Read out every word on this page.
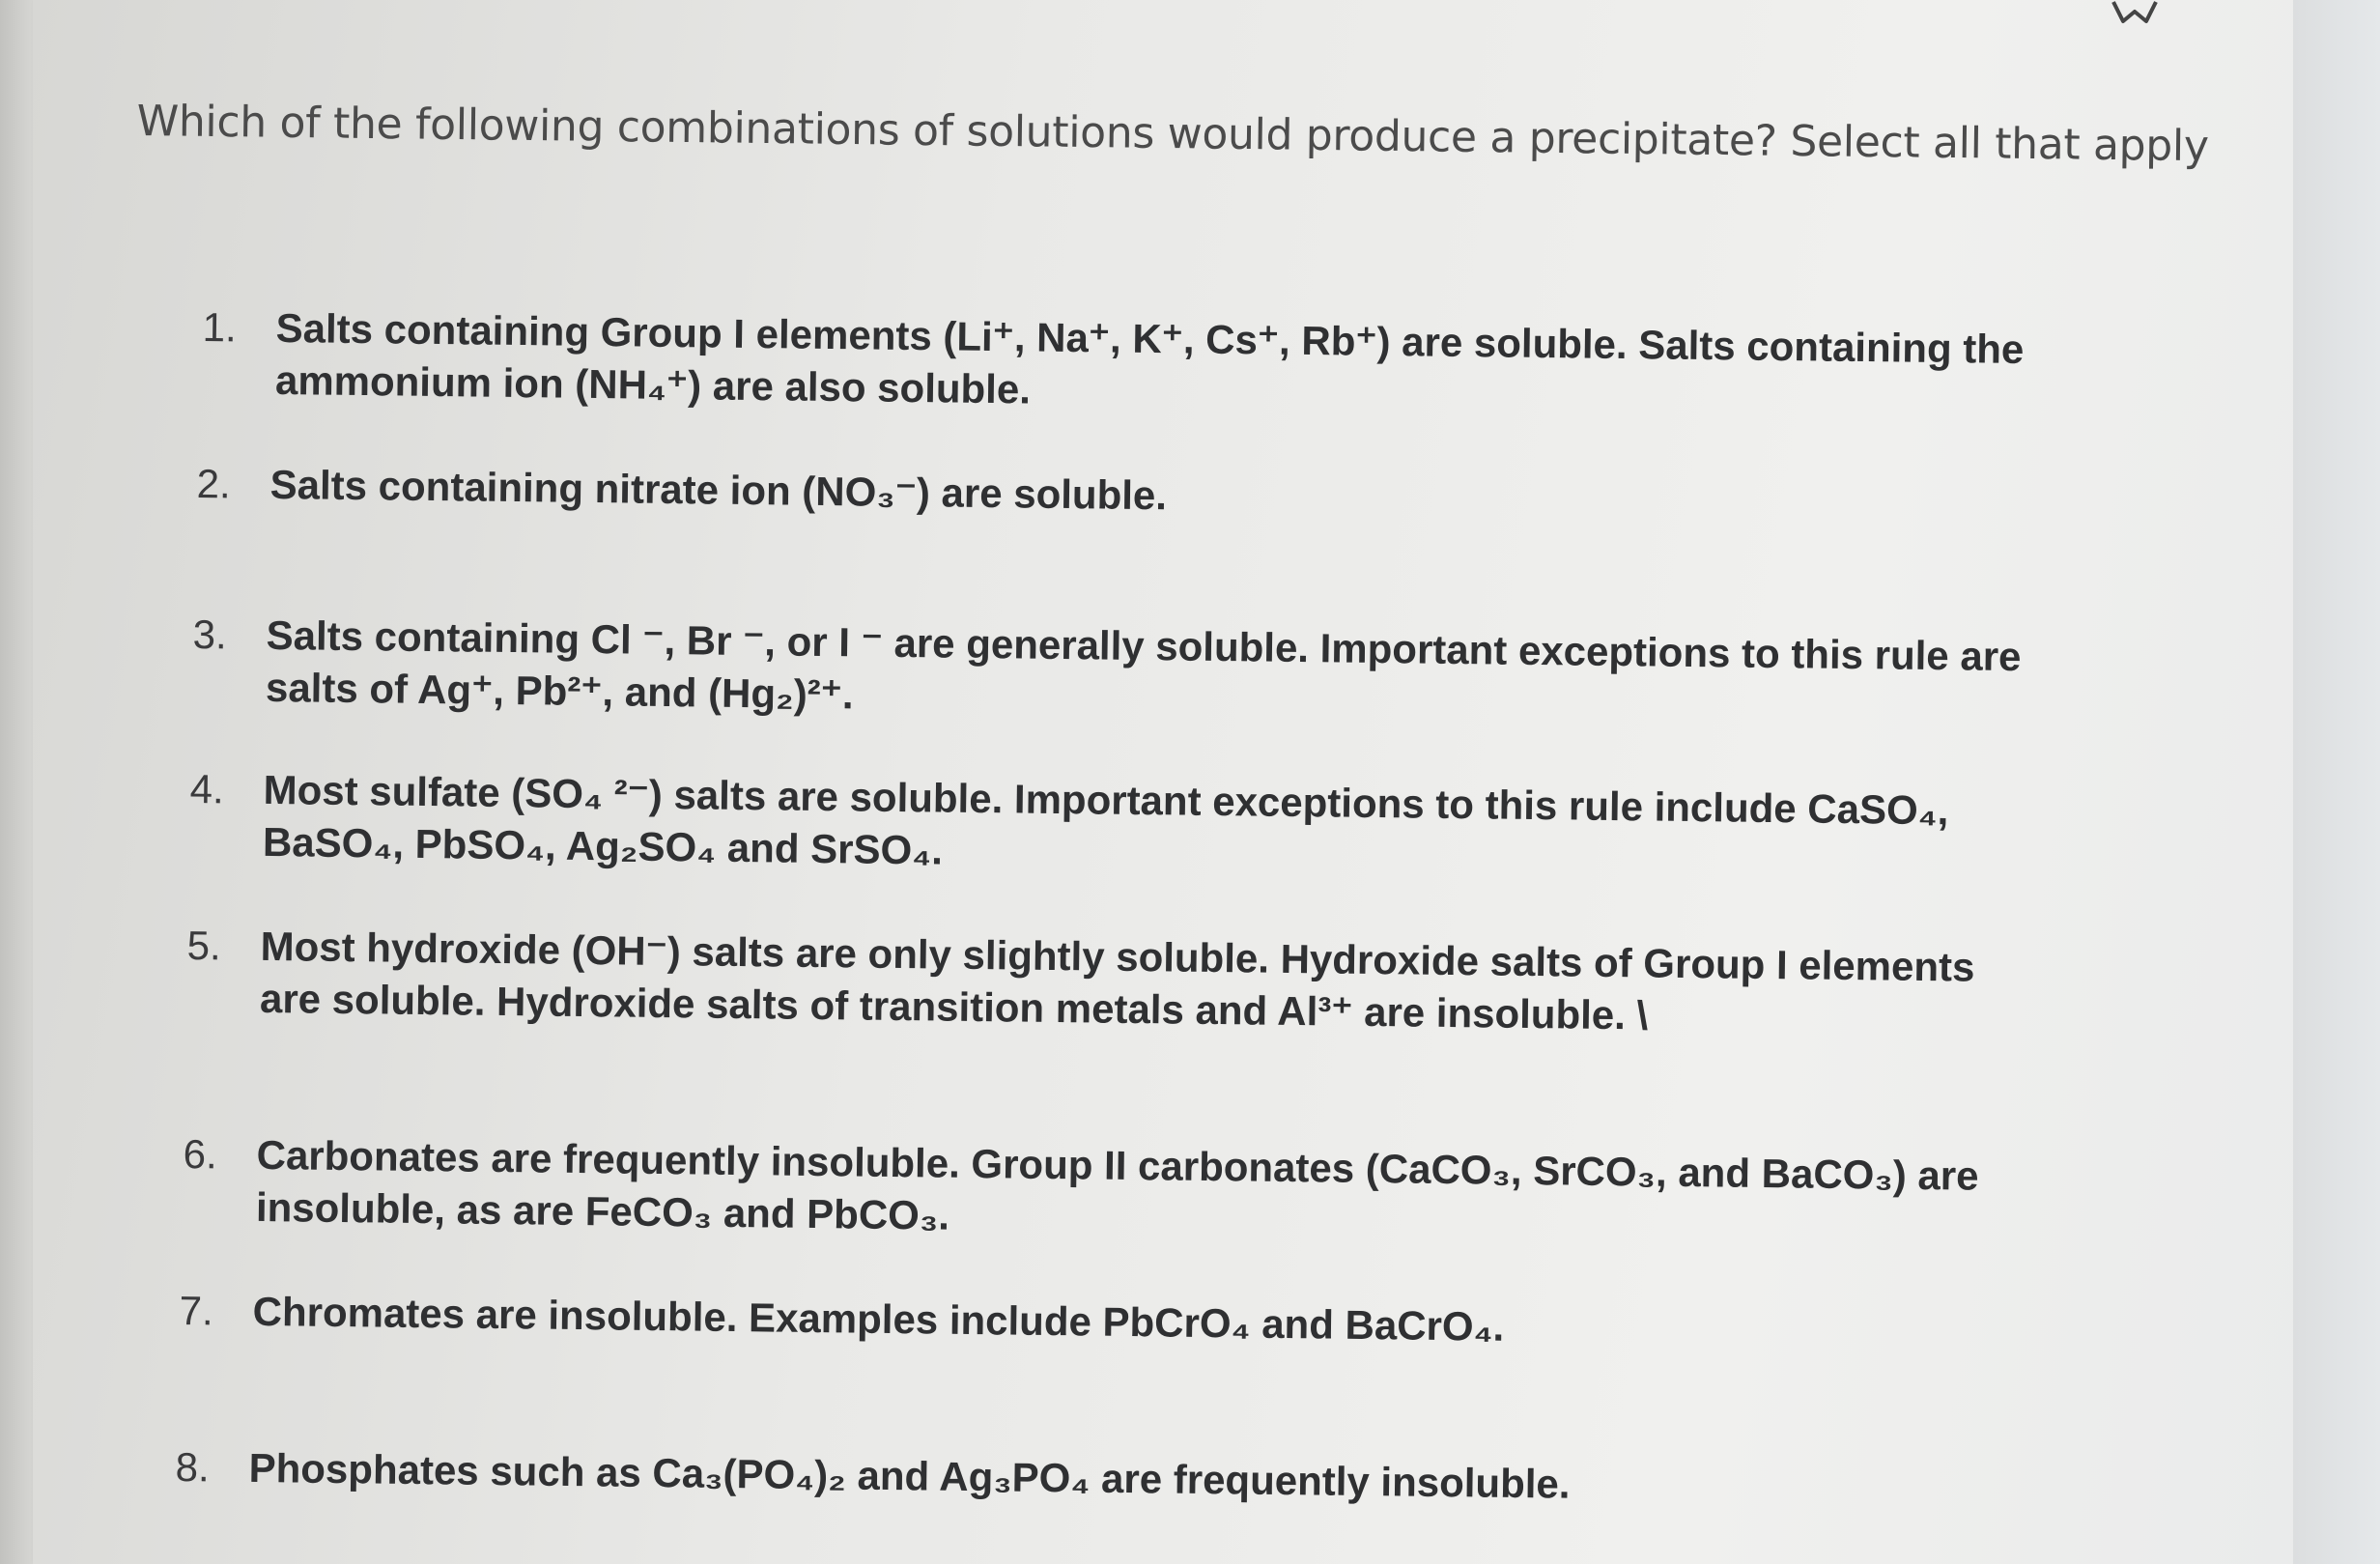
Which of the following combinations of solutions would produce a precipitate? Select all that apply

1. Salts containing Group I elements (Li⁺, Na⁺, K⁺, Cs⁺, Rb⁺) are soluble. Salts containing the
ammonium ion (NH₄⁺) are also soluble.
2. Salts containing nitrate ion (NO₃⁻) are soluble.
3. Salts containing Cl ⁻, Br ⁻, or I ⁻ are generally soluble. Important exceptions to this rule are
salts of Ag⁺, Pb²⁺, and (Hg₂)²⁺.
4. Most sulfate (SO₄ ²⁻) salts are soluble. Important exceptions to this rule include CaSO₄,
BaSO₄, PbSO₄, Ag₂SO₄ and SrSO₄.
5. Most hydroxide (OH⁻) salts are only slightly soluble. Hydroxide salts of Group I elements
are soluble. Hydroxide salts of transition metals and Al³⁺ are insoluble. \
6. Carbonates are frequently insoluble. Group II carbonates (CaCO₃, SrCO₃, and BaCO₃) are
insoluble, as are FeCO₃ and PbCO₃.
7. Chromates are insoluble. Examples include PbCrO₄ and BaCrO₄.
8. Phosphates such as Ca₃(PO₄)₂ and Ag₃PO₄ are frequently insoluble.
